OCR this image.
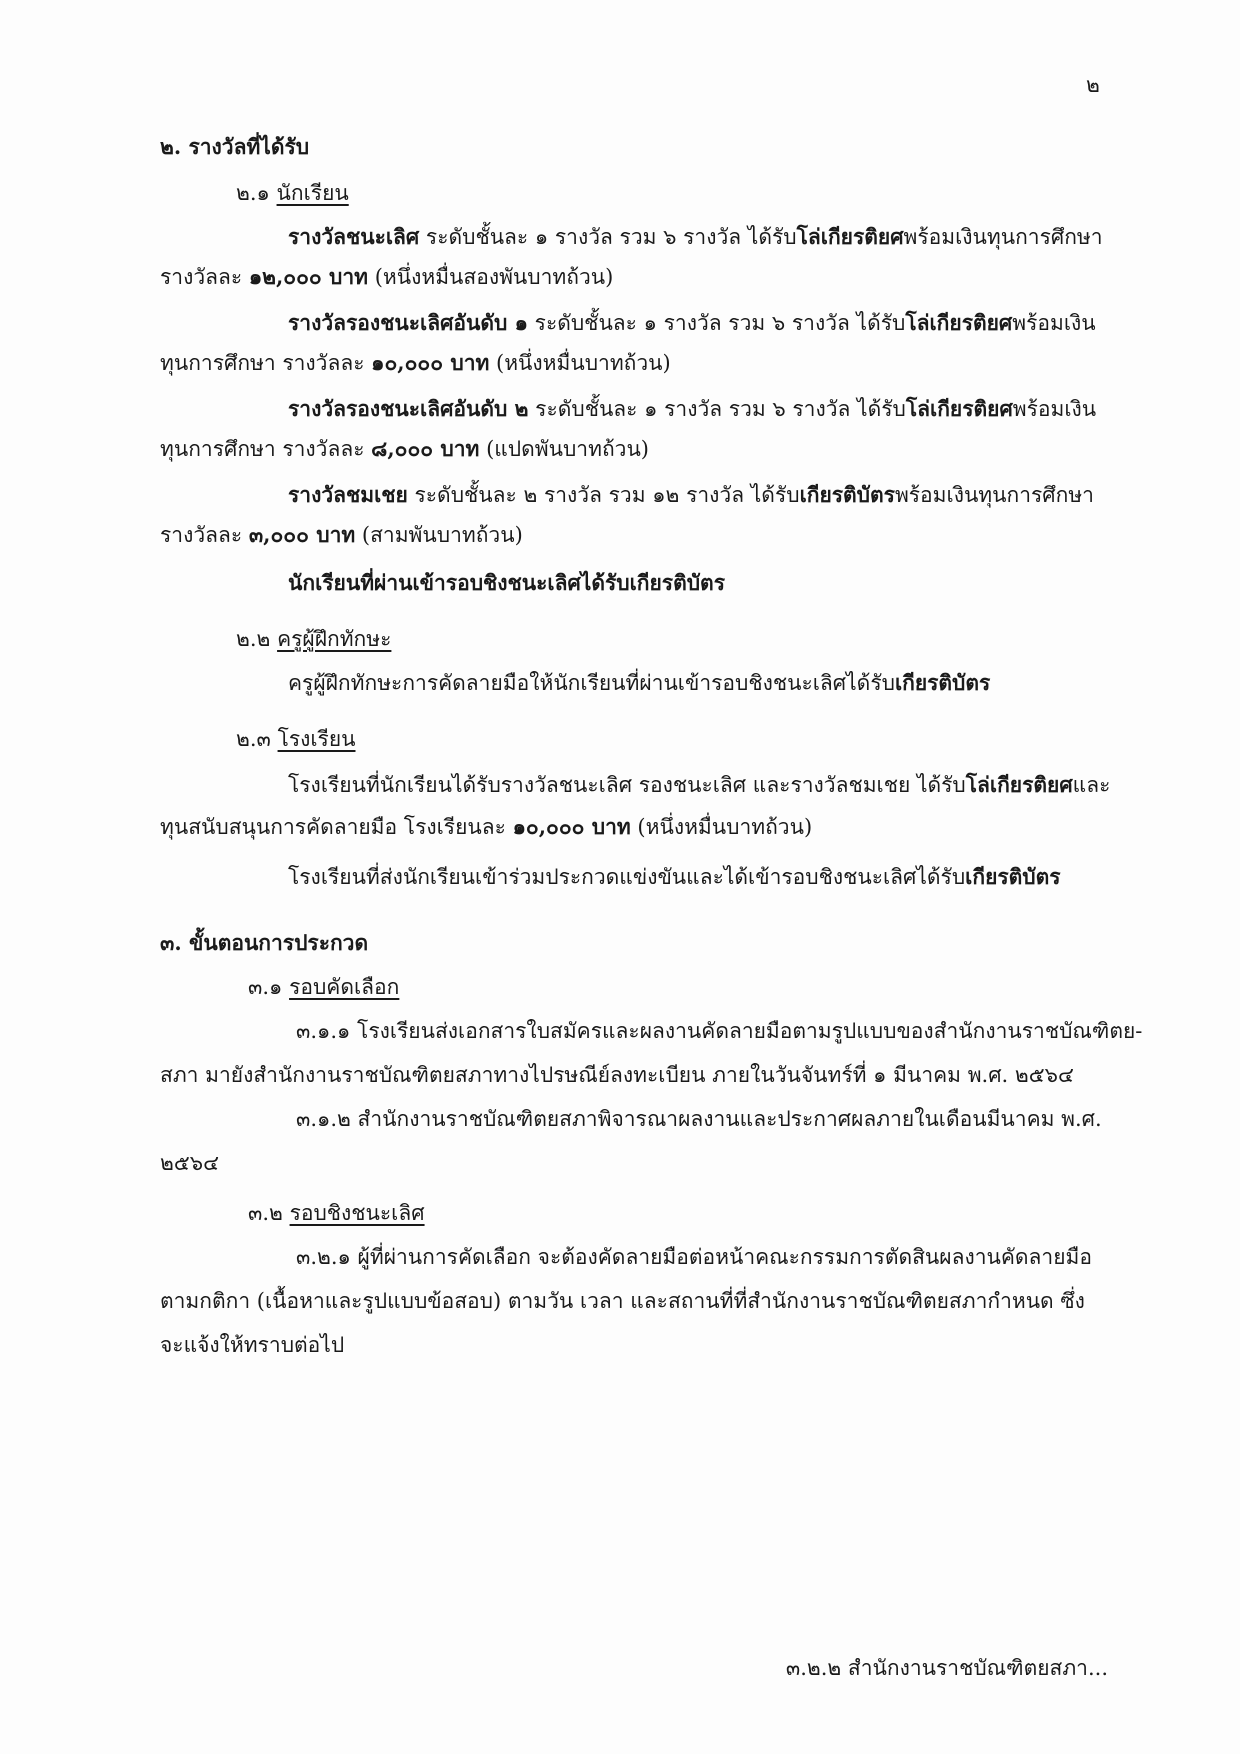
๒
๒. รางวัลที่ได้รับ
๒.๑ นักเรียน
รางวัลชนะเลิศ ระดับชั้นละ ๑ รางวัล รวม ๖ รางวัล ได้รับโล่เกียรติยศพร้อมเงินทุนการศึกษา
รางวัลละ ๑๒,๐๐๐ บาท (หนึ่งหมื่นสองพันบาทถ้วน)
รางวัลรองชนะเลิศอันดับ ๑ ระดับชั้นละ ๑ รางวัล รวม ๖ รางวัล ได้รับโล่เกียรติยศพร้อมเงิน
ทุนการศึกษา รางวัลละ ๑๐,๐๐๐ บาท (หนึ่งหมื่นบาทถ้วน)
รางวัลรองชนะเลิศอันดับ ๒ ระดับชั้นละ ๑ รางวัล รวม ๖ รางวัล ได้รับโล่เกียรติยศพร้อมเงิน
ทุนการศึกษา รางวัลละ ๘,๐๐๐ บาท (แปดพันบาทถ้วน)
รางวัลชมเชย ระดับชั้นละ ๒ รางวัล รวม ๑๒ รางวัล ได้รับเกียรติบัตรพร้อมเงินทุนการศึกษา
รางวัลละ ๓,๐๐๐ บาท (สามพันบาทถ้วน)
นักเรียนที่ผ่านเข้ารอบชิงชนะเลิศได้รับเกียรติบัตร
๒.๒ ครูผู้ฝึกทักษะ
ครูผู้ฝึกทักษะการคัดลายมือให้นักเรียนที่ผ่านเข้ารอบชิงชนะเลิศได้รับเกียรติบัตร
๒.๓ โรงเรียน
โรงเรียนที่นักเรียนได้รับรางวัลชนะเลิศ รองชนะเลิศ และรางวัลชมเชย ได้รับโล่เกียรติยศและ
ทุนสนับสนุนการคัดลายมือ โรงเรียนละ ๑๐,๐๐๐ บาท (หนึ่งหมื่นบาทถ้วน)
โรงเรียนที่ส่งนักเรียนเข้าร่วมประกวดแข่งขันและได้เข้ารอบชิงชนะเลิศได้รับเกียรติบัตร
๓. ขั้นตอนการประกวด
๓.๑ รอบคัดเลือก
๓.๑.๑ โรงเรียนส่งเอกสารใบสมัครและผลงานคัดลายมือตามรูปแบบของสำนักงานราชบัณฑิตย-
สภา มายังสำนักงานราชบัณฑิตยสภาทางไปรษณีย์ลงทะเบียน ภายในวันจันทร์ที่ ๑ มีนาคม พ.ศ. ๒๕๖๔
๓.๑.๒ สำนักงานราชบัณฑิตยสภาพิจารณาผลงานและประกาศผลภายในเดือนมีนาคม พ.ศ.
๒๕๖๔
๓.๒ รอบชิงชนะเลิศ
๓.๒.๑ ผู้ที่ผ่านการคัดเลือก จะต้องคัดลายมือต่อหน้าคณะกรรมการตัดสินผลงานคัดลายมือ
ตามกติกา (เนื้อหาและรูปแบบข้อสอบ) ตามวัน เวลา และสถานที่ที่สำนักงานราชบัณฑิตยสภากำหนด ซึ่ง
จะแจ้งให้ทราบต่อไป
๓.๒.๒ สำนักงานราชบัณฑิตยสภา...
